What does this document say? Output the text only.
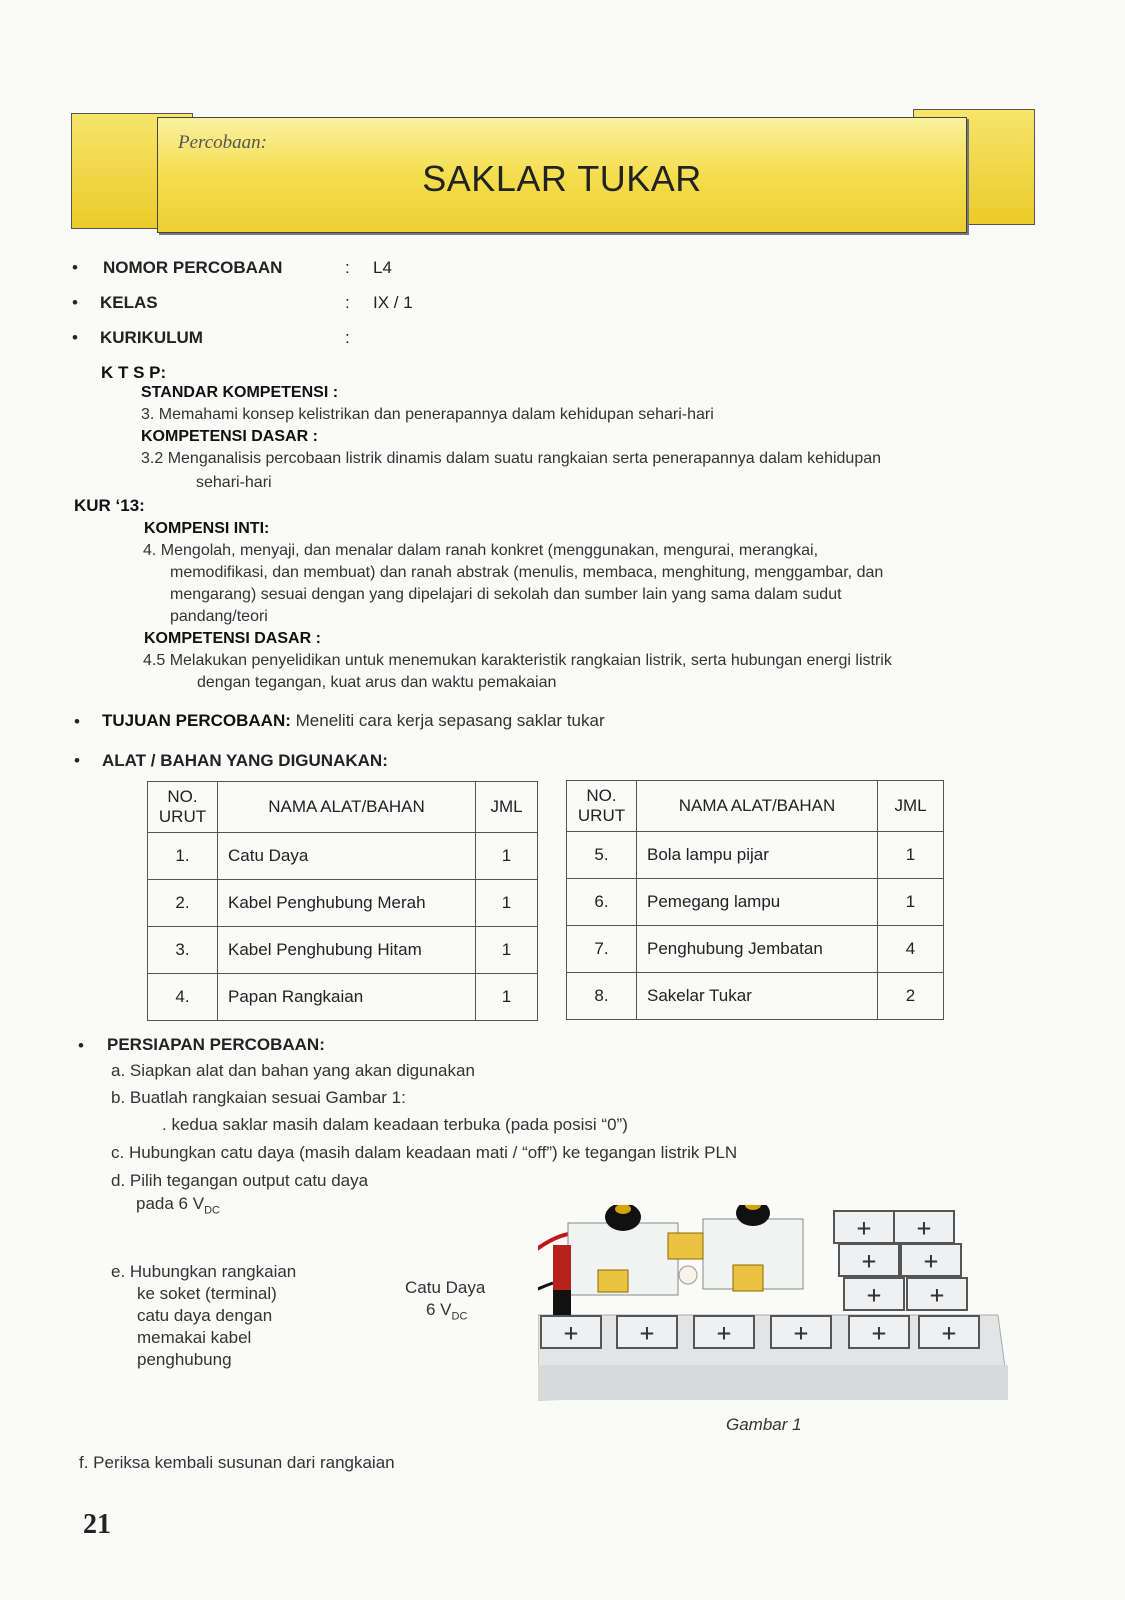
Percobaan:
SAKLAR TUKAR
• NOMOR PERCOBAAN	: L4
• KELAS	: IX / 1
• KURIKULUM	:
K T S P:
STANDAR KOMPETENSI :
3. Memahami konsep kelistrikan dan penerapannya dalam kehidupan sehari-hari
KOMPETENSI DASAR :
3.2 Menganalisis percobaan listrik dinamis dalam suatu rangkaian serta penerapannya dalam kehidupan
sehari-hari
KUR ‘13:
KOMPENSI INTI:
4. Mengolah, menyaji, dan menalar dalam ranah konkret (menggunakan, mengurai, merangkai,
memodifikasi, dan membuat) dan ranah abstrak (menulis, membaca, menghitung, menggambar, dan
mengarang) sesuai dengan yang dipelajari di sekolah dan sumber lain yang sama dalam sudut
pandang/teori
KOMPETENSI DASAR :
4.5 Melakukan penyelidikan untuk menemukan karakteristik rangkaian listrik, serta hubungan energi listrik
dengan tegangan, kuat arus dan waktu pemakaian
• TUJUAN PERCOBAAN: Meneliti cara kerja sepasang saklar tukar
• ALAT / BAHAN YANG DIGUNAKAN:
NO.
URUT	NAMA ALAT/BAHAN	JML
1.	Catu Daya	1
2.	Kabel Penghubung Merah	1
3.	Kabel Penghubung Hitam	1
4.	Papan Rangkaian	1
NO.
URUT	NAMA ALAT/BAHAN	JML
5.	Bola lampu pijar	1
6.	Pemegang lampu	1
7.	Penghubung Jembatan	4
8.	Sakelar Tukar	2
• PERSIAPAN PERCOBAAN:
a. Siapkan alat dan bahan yang akan digunakan
b. Buatlah rangkaian sesuai Gambar 1:
. kedua saklar masih dalam keadaan terbuka (pada posisi “0”)
c. Hubungkan catu daya (masih dalam keadaan mati / “off”) ke tegangan listrik PLN
d. Pilih tegangan output catu daya
pada 6 $V_{DC}$
e. Hubungkan rangkaian
ke soket (terminal)
catu daya dengan
memakai kabel
penghubung
Catu Daya
6 $V_{DC}$
+
+
+
+
+
+
+
+
+
+
+
+
Gambar 1
f. Periksa kembali susunan dari rangkaian
21
